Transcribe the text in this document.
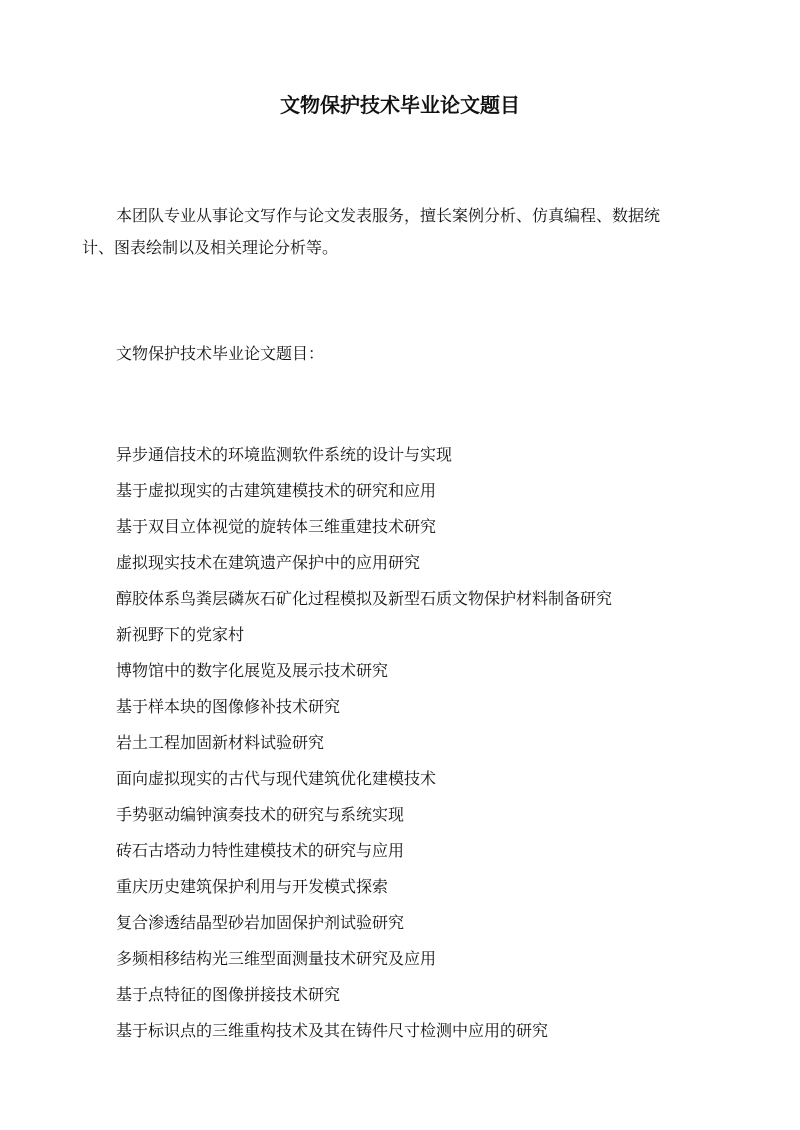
文物保护技术毕业论文题目

本团队专业从事论文写作与论文发表服务，擅长案例分析、仿真编程、数据统计、图表绘制以及相关理论分析等。

文物保护技术毕业论文题目：

异步通信技术的环境监测软件系统的设计与实现
基于虚拟现实的古建筑建模技术的研究和应用
基于双目立体视觉的旋转体三维重建技术研究
虚拟现实技术在建筑遗产保护中的应用研究
醇胶体系鸟粪层磷灰石矿化过程模拟及新型石质文物保护材料制备研究
新视野下的党家村
博物馆中的数字化展览及展示技术研究
基于样本块的图像修补技术研究
岩土工程加固新材料试验研究
面向虚拟现实的古代与现代建筑优化建模技术
手势驱动编钟演奏技术的研究与系统实现
砖石古塔动力特性建模技术的研究与应用
重庆历史建筑保护利用与开发模式探索
复合渗透结晶型砂岩加固保护剂试验研究
多频相移结构光三维型面测量技术研究及应用
基于点特征的图像拼接技术研究
基于标识点的三维重构技术及其在铸件尺寸检测中应用的研究
